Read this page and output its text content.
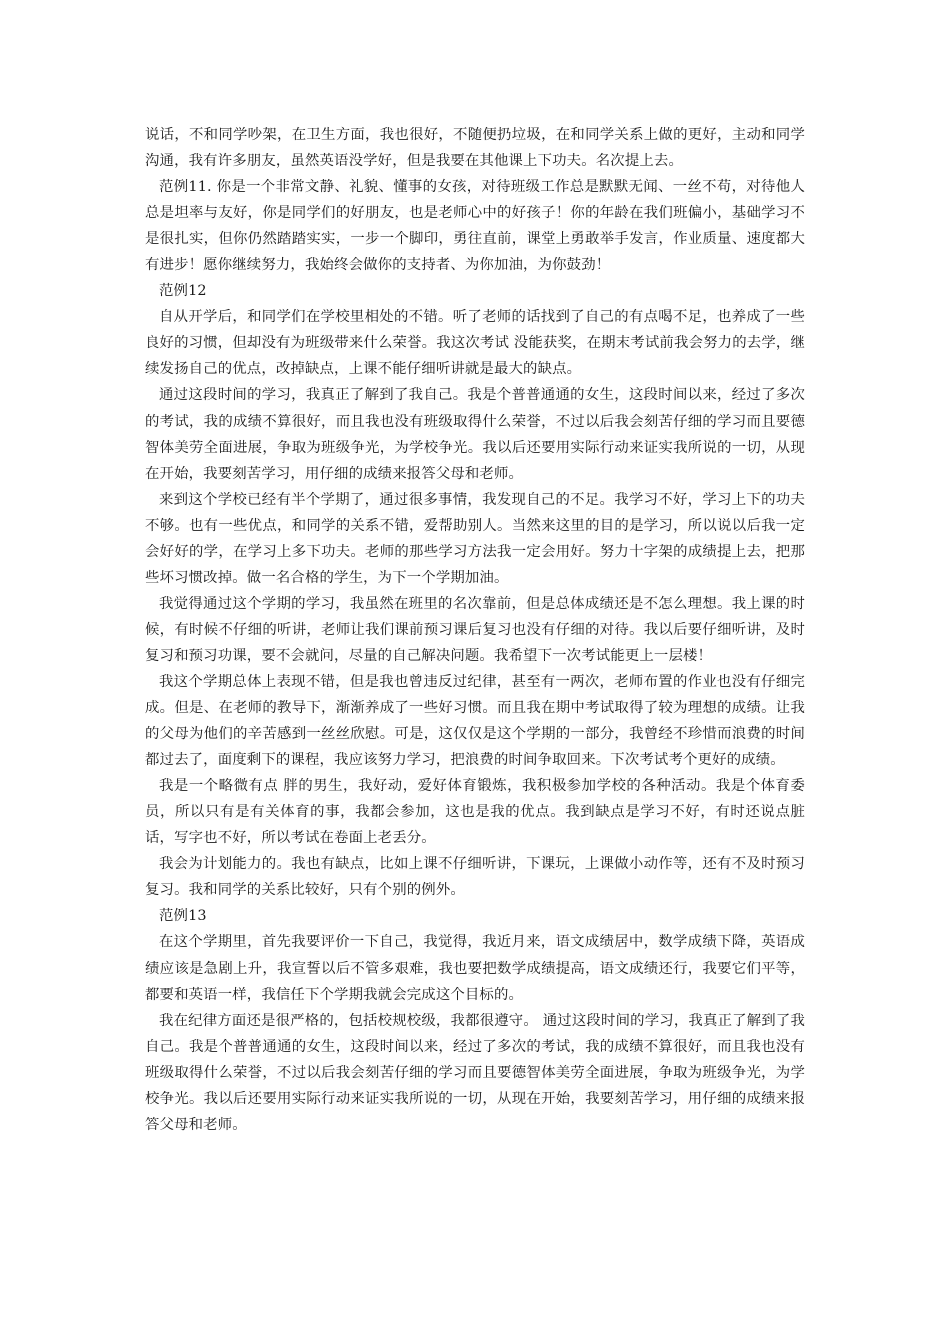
说话，不和同学吵架，在卫生方面，我也很好，不随便扔垃圾，在和同学关系上做的更好，主动和同学沟通，我有许多朋友，虽然英语没学好，但是我要在其他课上下功夫。名次提上去。

范例11. 你是一个非常文静、礼貌、懂事的女孩，对待班级工作总是默默无闻、一丝不苟，对待他人总是坦率与友好，你是同学们的好朋友，也是老师心中的好孩子！你的年龄在我们班偏小，基础学习不是很扎实，但你仍然踏踏实实，一步一个脚印，勇往直前，课堂上勇敢举手发言，作业质量、速度都大有进步！愿你继续努力，我始终会做你的支持者、为你加油，为你鼓劲！

范例12

自从开学后，和同学们在学校里相处的不错。听了老师的话找到了自己的有点喝不足，也养成了一些良好的习惯，但却没有为班级带来什么荣誉。我这次考试 没能获奖，在期末考试前我会努力的去学，继续发扬自己的优点，改掉缺点，上课不能仔细听讲就是最大的缺点。

通过这段时间的学习，我真正了解到了我自己。我是个普普通通的女生，这段时间以来，经过了多次的考试，我的成绩不算很好，而且我也没有班级取得什么荣誉，不过以后我会刻苦仔细的学习而且要德智体美劳全面进展，争取为班级争光，为学校争光。我以后还要用实际行动来证实我所说的一切，从现在开始，我要刻苦学习，用仔细的成绩来报答父母和老师。

来到这个学校已经有半个学期了，通过很多事情，我发现自己的不足。我学习不好，学习上下的功夫不够。也有一些优点，和同学的关系不错，爱帮助别人。当然来这里的目的是学习，所以说以后我一定会好好的学，在学习上多下功夫。老师的那些学习方法我一定会用好。努力十字架的成绩提上去，把那些坏习惯改掉。做一名合格的学生，为下一个学期加油。

我觉得通过这个学期的学习，我虽然在班里的名次靠前，但是总体成绩还是不怎么理想。我上课的时候，有时候不仔细的听讲，老师让我们课前预习课后复习也没有仔细的对待。我以后要仔细听讲，及时复习和预习功课，要不会就问，尽量的自己解决问题。我希望下一次考试能更上一层楼！

我这个学期总体上表现不错，但是我也曾违反过纪律，甚至有一两次，老师布置的作业也没有仔细完成。但是、在老师的教导下，渐渐养成了一些好习惯。而且我在期中考试取得了较为理想的成绩。让我的父母为他们的辛苦感到一丝丝欣慰。可是，这仅仅是这个学期的一部分，我曾经不珍惜而浪费的时间都过去了，面度剩下的课程，我应该努力学习，把浪费的时间争取回来。下次考试考个更好的成绩。

我是一个略微有点 胖的男生，我好动，爱好体育锻炼，我积极参加学校的各种活动。我是个体育委员，所以只有是有关体育的事，我都会参加，这也是我的优点。我到缺点是学习不好，有时还说点脏话，写字也不好，所以考试在卷面上老丢分。

我会为计划能力的。我也有缺点，比如上课不仔细听讲，下课玩，上课做小动作等，还有不及时预习 复习。我和同学的关系比较好，只有个别的例外。

范例13

在这个学期里，首先我要评价一下自己，我觉得，我近月来，语文成绩居中，数学成绩下降，英语成绩应该是急剧上升，我宣誓以后不管多艰难，我也要把数学成绩提高，语文成绩还行，我要它们平等，都要和英语一样，我信任下个学期我就会完成这个目标的。

我在纪律方面还是很严格的，包括校规校级，我都很遵守。 通过这段时间的学习，我真正了解到了我自己。我是个普普通通的女生，这段时间以来，经过了多次的考试，我的成绩不算很好，而且我也没有班级取得什么荣誉，不过以后我会刻苦仔细的学习而且要德智体美劳全面进展，争取为班级争光，为学校争光。我以后还要用实际行动来证实我所说的一切，从现在开始，我要刻苦学习，用仔细的成绩来报答父母和老师。
